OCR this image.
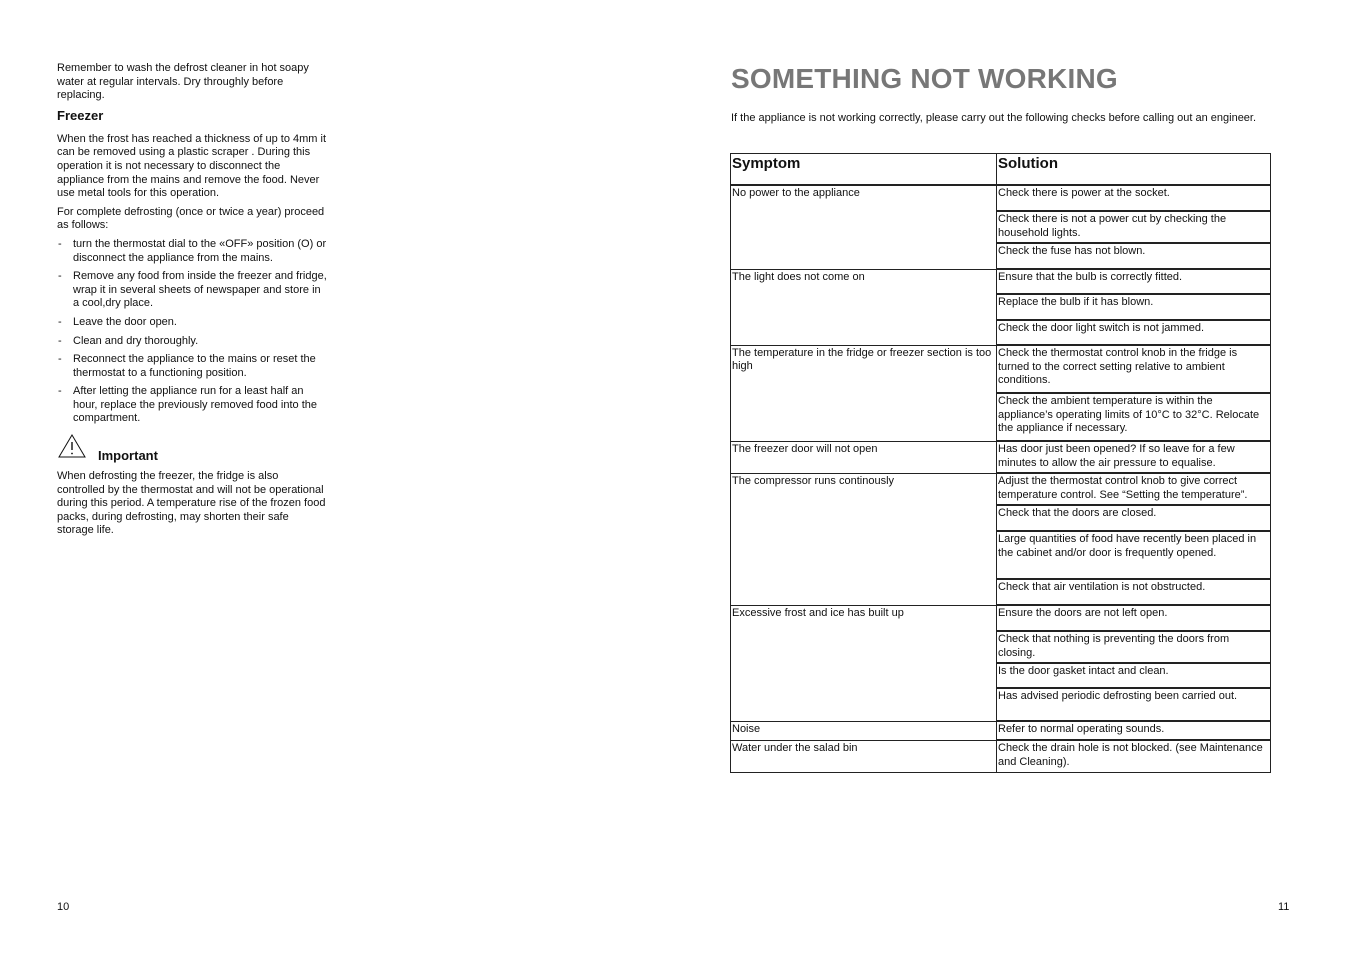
Remember to wash the defrost cleaner in hot soapy water at regular intervals. Dry throughly before replacing.

Freezer

When the frost has reached a thickness of up to 4mm it can be removed using a plastic scraper . During this operation it is not necessary to disconnect the appliance from the mains and remove the food. Never use metal tools for this operation.

For complete defrosting (once or twice a year) proceed as follows:

- turn the thermostat dial to the «OFF» position (O) or disconnect the appliance from the mains.
- Remove any food from inside the freezer and fridge, wrap it in several sheets of newspaper and store in a cool,dry place.
- Leave the door open.
- Clean and dry thoroughly.
- Reconnect the appliance to the mains or reset the thermostat to a functioning position.
- After letting the appliance run for a least half an hour, replace the previously removed food into the compartment.
Important

When defrosting the freezer, the fridge is also controlled by the thermostat and will not be operational during this period. A temperature rise of the frozen food packs, during defrosting, may shorten their safe storage life.

10
SOMETHING NOT WORKING

If the appliance is not working correctly, please carry out the following checks before calling out an engineer.

Symptom	Solution
No power to the appliance	Check there is power at the socket.
	Check there is not a power cut by checking the household lights.
	Check the fuse has not blown.
The light does not come on	Ensure that the bulb is correctly fitted.
	Replace the bulb if it has blown.
	Check the door light switch is not jammed.
The temperature in the fridge or freezer section is too high	Check the thermostat control knob in the fridge is turned to the correct setting relative to ambient conditions.
	Check the ambient temperature is within the appliance’s operating limits of 10°C to 32°C. Relocate the appliance if necessary.
The freezer door will not open	Has door just been opened? If so leave for a few minutes to allow the air pressure to equalise.
The compressor runs continously	Adjust the thermostat control knob to give correct temperature control. See “Setting the temperature”.
	Check that the doors are closed.
	Large quantities of food have recently been placed in the cabinet and/or door is frequently opened.
	Check that air ventilation is not obstructed.
Excessive frost and ice has built up	Ensure the doors are not left open.
	Check that nothing is preventing the doors from closing.
	Is the door gasket intact and clean.
	Has advised periodic defrosting been carried out.
Noise	Refer to normal operating sounds.
Water under the salad bin	Check the drain hole is not blocked. (see Maintenance and Cleaning).
11
